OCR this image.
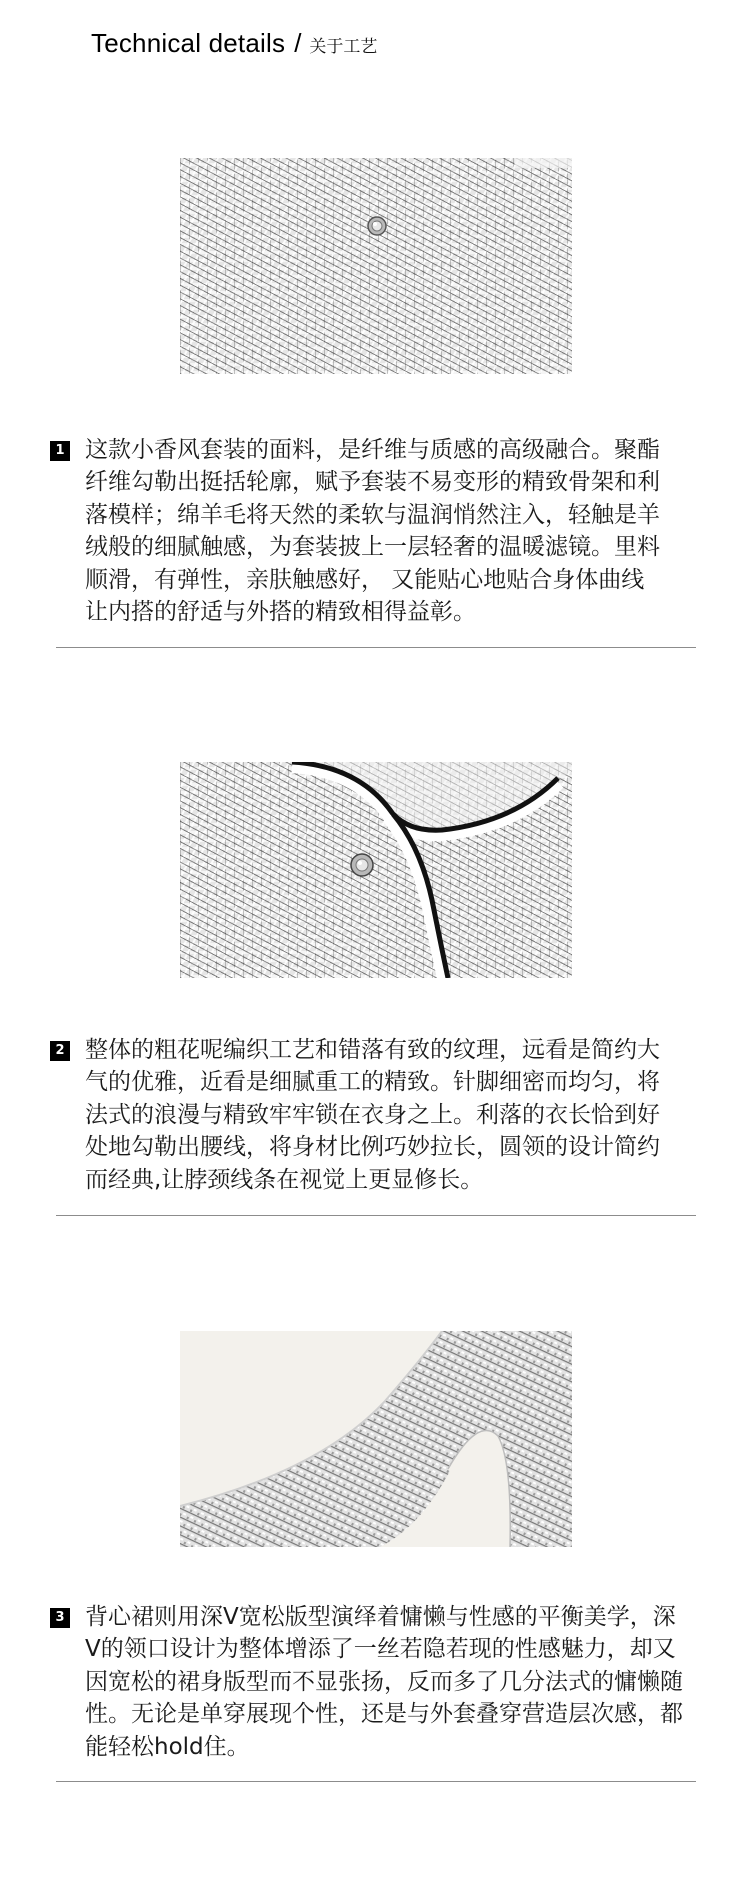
Technical details / 关于工艺
1 这款小香风套装的面料，是纤维与质感的高级融合。聚酯
纤维勾勒出挺括轮廓，赋予套装不易变形的精致骨架和利
落模样；绵羊毛将天然的柔软与温润悄然注入，轻触是羊
绒般的细腻触感，为套装披上一层轻奢的温暖滤镜。里料
顺滑，有弹性，亲肤触感好， 又能贴心地贴合身体曲线
让内搭的舒适与外搭的精致相得益彰。
2 整体的粗花呢编织工艺和错落有致的纹理，远看是简约大
气的优雅，近看是细腻重工的精致。针脚细密而均匀，将
法式的浪漫与精致牢牢锁在衣身之上。利落的衣长恰到好
处地勾勒出腰线，将身材比例巧妙拉长，圆领的设计简约
而经典,让脖颈线条在视觉上更显修长。
3 背心裙则用深V宽松版型演绎着慵懒与性感的平衡美学，深
V的领口设计为整体增添了一丝若隐若现的性感魅力，却又
因宽松的裙身版型而不显张扬，反而多了几分法式的慵懒随
性。无论是单穿展现个性，还是与外套叠穿营造层次感，都
能轻松hold住。
